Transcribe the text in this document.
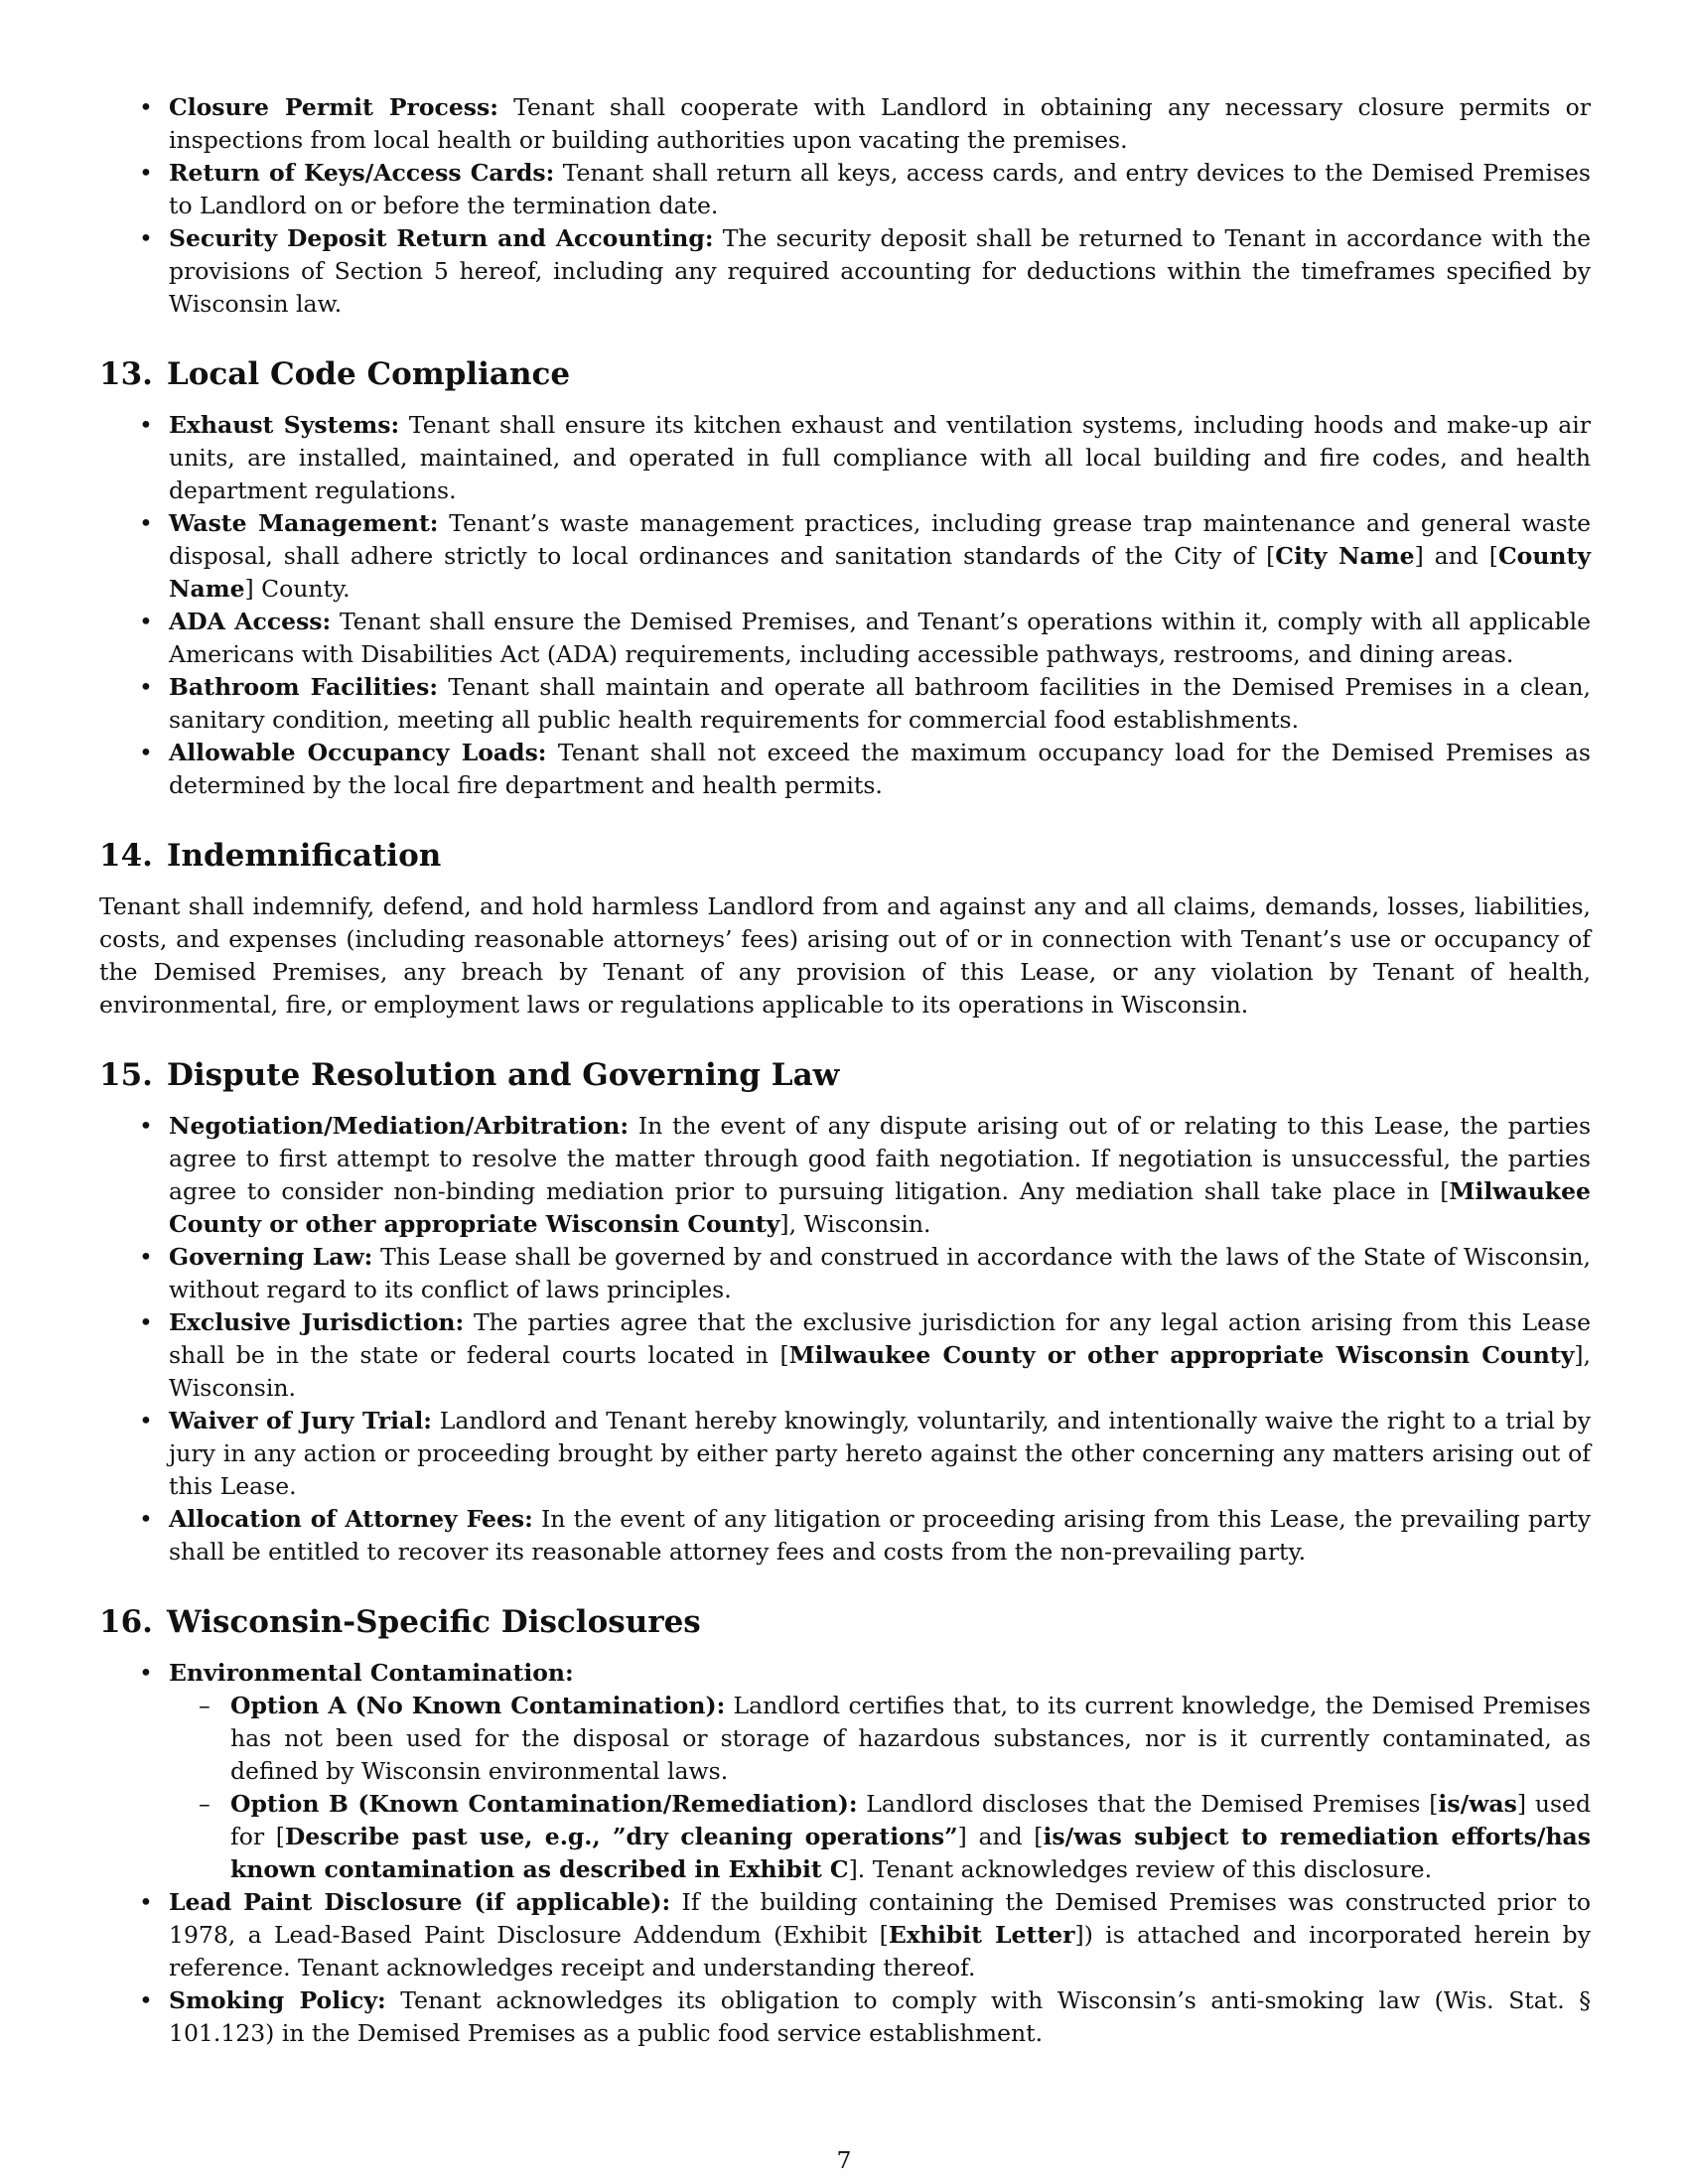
• Closure Permit Process: Tenant shall cooperate with Landlord in obtaining any necessary closure permits or inspections from local health or building authorities upon vacating the premises.
• Return of Keys/Access Cards: Tenant shall return all keys, access cards, and entry devices to the Demised Premises to Landlord on or before the termination date.
• Security Deposit Return and Accounting: The security deposit shall be returned to Tenant in accordance with the provisions of Section 5 hereof, including any required accounting for deductions within the timeframes specified by Wisconsin law.
13. Local Code Compliance
• Exhaust Systems: Tenant shall ensure its kitchen exhaust and ventilation systems, including hoods and make-up air units, are installed, maintained, and operated in full compliance with all local building and fire codes, and health department regulations.
• Waste Management: Tenant’s waste management practices, including grease trap maintenance and general waste disposal, shall adhere strictly to local ordinances and sanitation standards of the City of [City Name] and [County Name] County.
• ADA Access: Tenant shall ensure the Demised Premises, and Tenant’s operations within it, comply with all applicable Americans with Disabilities Act (ADA) requirements, including accessible pathways, restrooms, and dining areas.
• Bathroom Facilities: Tenant shall maintain and operate all bathroom facilities in the Demised Premises in a clean, sanitary condition, meeting all public health requirements for commercial food establishments.
• Allowable Occupancy Loads: Tenant shall not exceed the maximum occupancy load for the Demised Premises as determined by the local fire department and health permits.
14. Indemnification

Tenant shall indemnify, defend, and hold harmless Landlord from and against any and all claims, demands, losses, liabilities, costs, and expenses (including reasonable attorneys’ fees) arising out of or in connection with Tenant’s use or occupancy of the Demised Premises, any breach by Tenant of any provision of this Lease, or any violation by Tenant of health, environmental, fire, or employment laws or regulations applicable to its operations in Wisconsin.

15. Dispute Resolution and Governing Law
• Negotiation/Mediation/Arbitration: In the event of any dispute arising out of or relating to this Lease, the parties agree to first attempt to resolve the matter through good faith negotiation. If negotiation is unsuccessful, the parties agree to consider non-binding mediation prior to pursuing litigation. Any mediation shall take place in [Milwaukee County or other appropriate Wisconsin County], Wisconsin.
• Governing Law: This Lease shall be governed by and construed in accordance with the laws of the State of Wisconsin, without regard to its conflict of laws principles.
• Exclusive Jurisdiction: The parties agree that the exclusive jurisdiction for any legal action arising from this Lease shall be in the state or federal courts located in [Milwaukee County or other appropriate Wisconsin County], Wisconsin.
• Waiver of Jury Trial: Landlord and Tenant hereby knowingly, voluntarily, and intentionally waive the right to a trial by jury in any action or proceeding brought by either party hereto against the other concerning any matters arising out of this Lease.
• Allocation of Attorney Fees: In the event of any litigation or proceeding arising from this Lease, the prevailing party shall be entitled to recover its reasonable attorney fees and costs from the non-prevailing party.
16. Wisconsin-Specific Disclosures
• Environmental Contamination:
– Option A (No Known Contamination): Landlord certifies that, to its current knowledge, the Demised Premises has not been used for the disposal or storage of hazardous substances, nor is it currently contaminated, as defined by Wisconsin environmental laws.
– Option B (Known Contamination/Remediation): Landlord discloses that the Demised Premises [is/was] used for [Describe past use, e.g., ”dry cleaning operations”] and [is/was subject to remediation efforts/has known contamination as described in Exhibit C]. Tenant acknowledges review of this disclosure.
• Lead Paint Disclosure (if applicable): If the building containing the Demised Premises was constructed prior to 1978, a Lead-Based Paint Disclosure Addendum (Exhibit [Exhibit Letter]) is attached and incorporated herein by reference. Tenant acknowledges receipt and understanding thereof.
• Smoking Policy: Tenant acknowledges its obligation to comply with Wisconsin’s anti-smoking law (Wis. Stat. § 101.123) in the Demised Premises as a public food service establishment.
7
